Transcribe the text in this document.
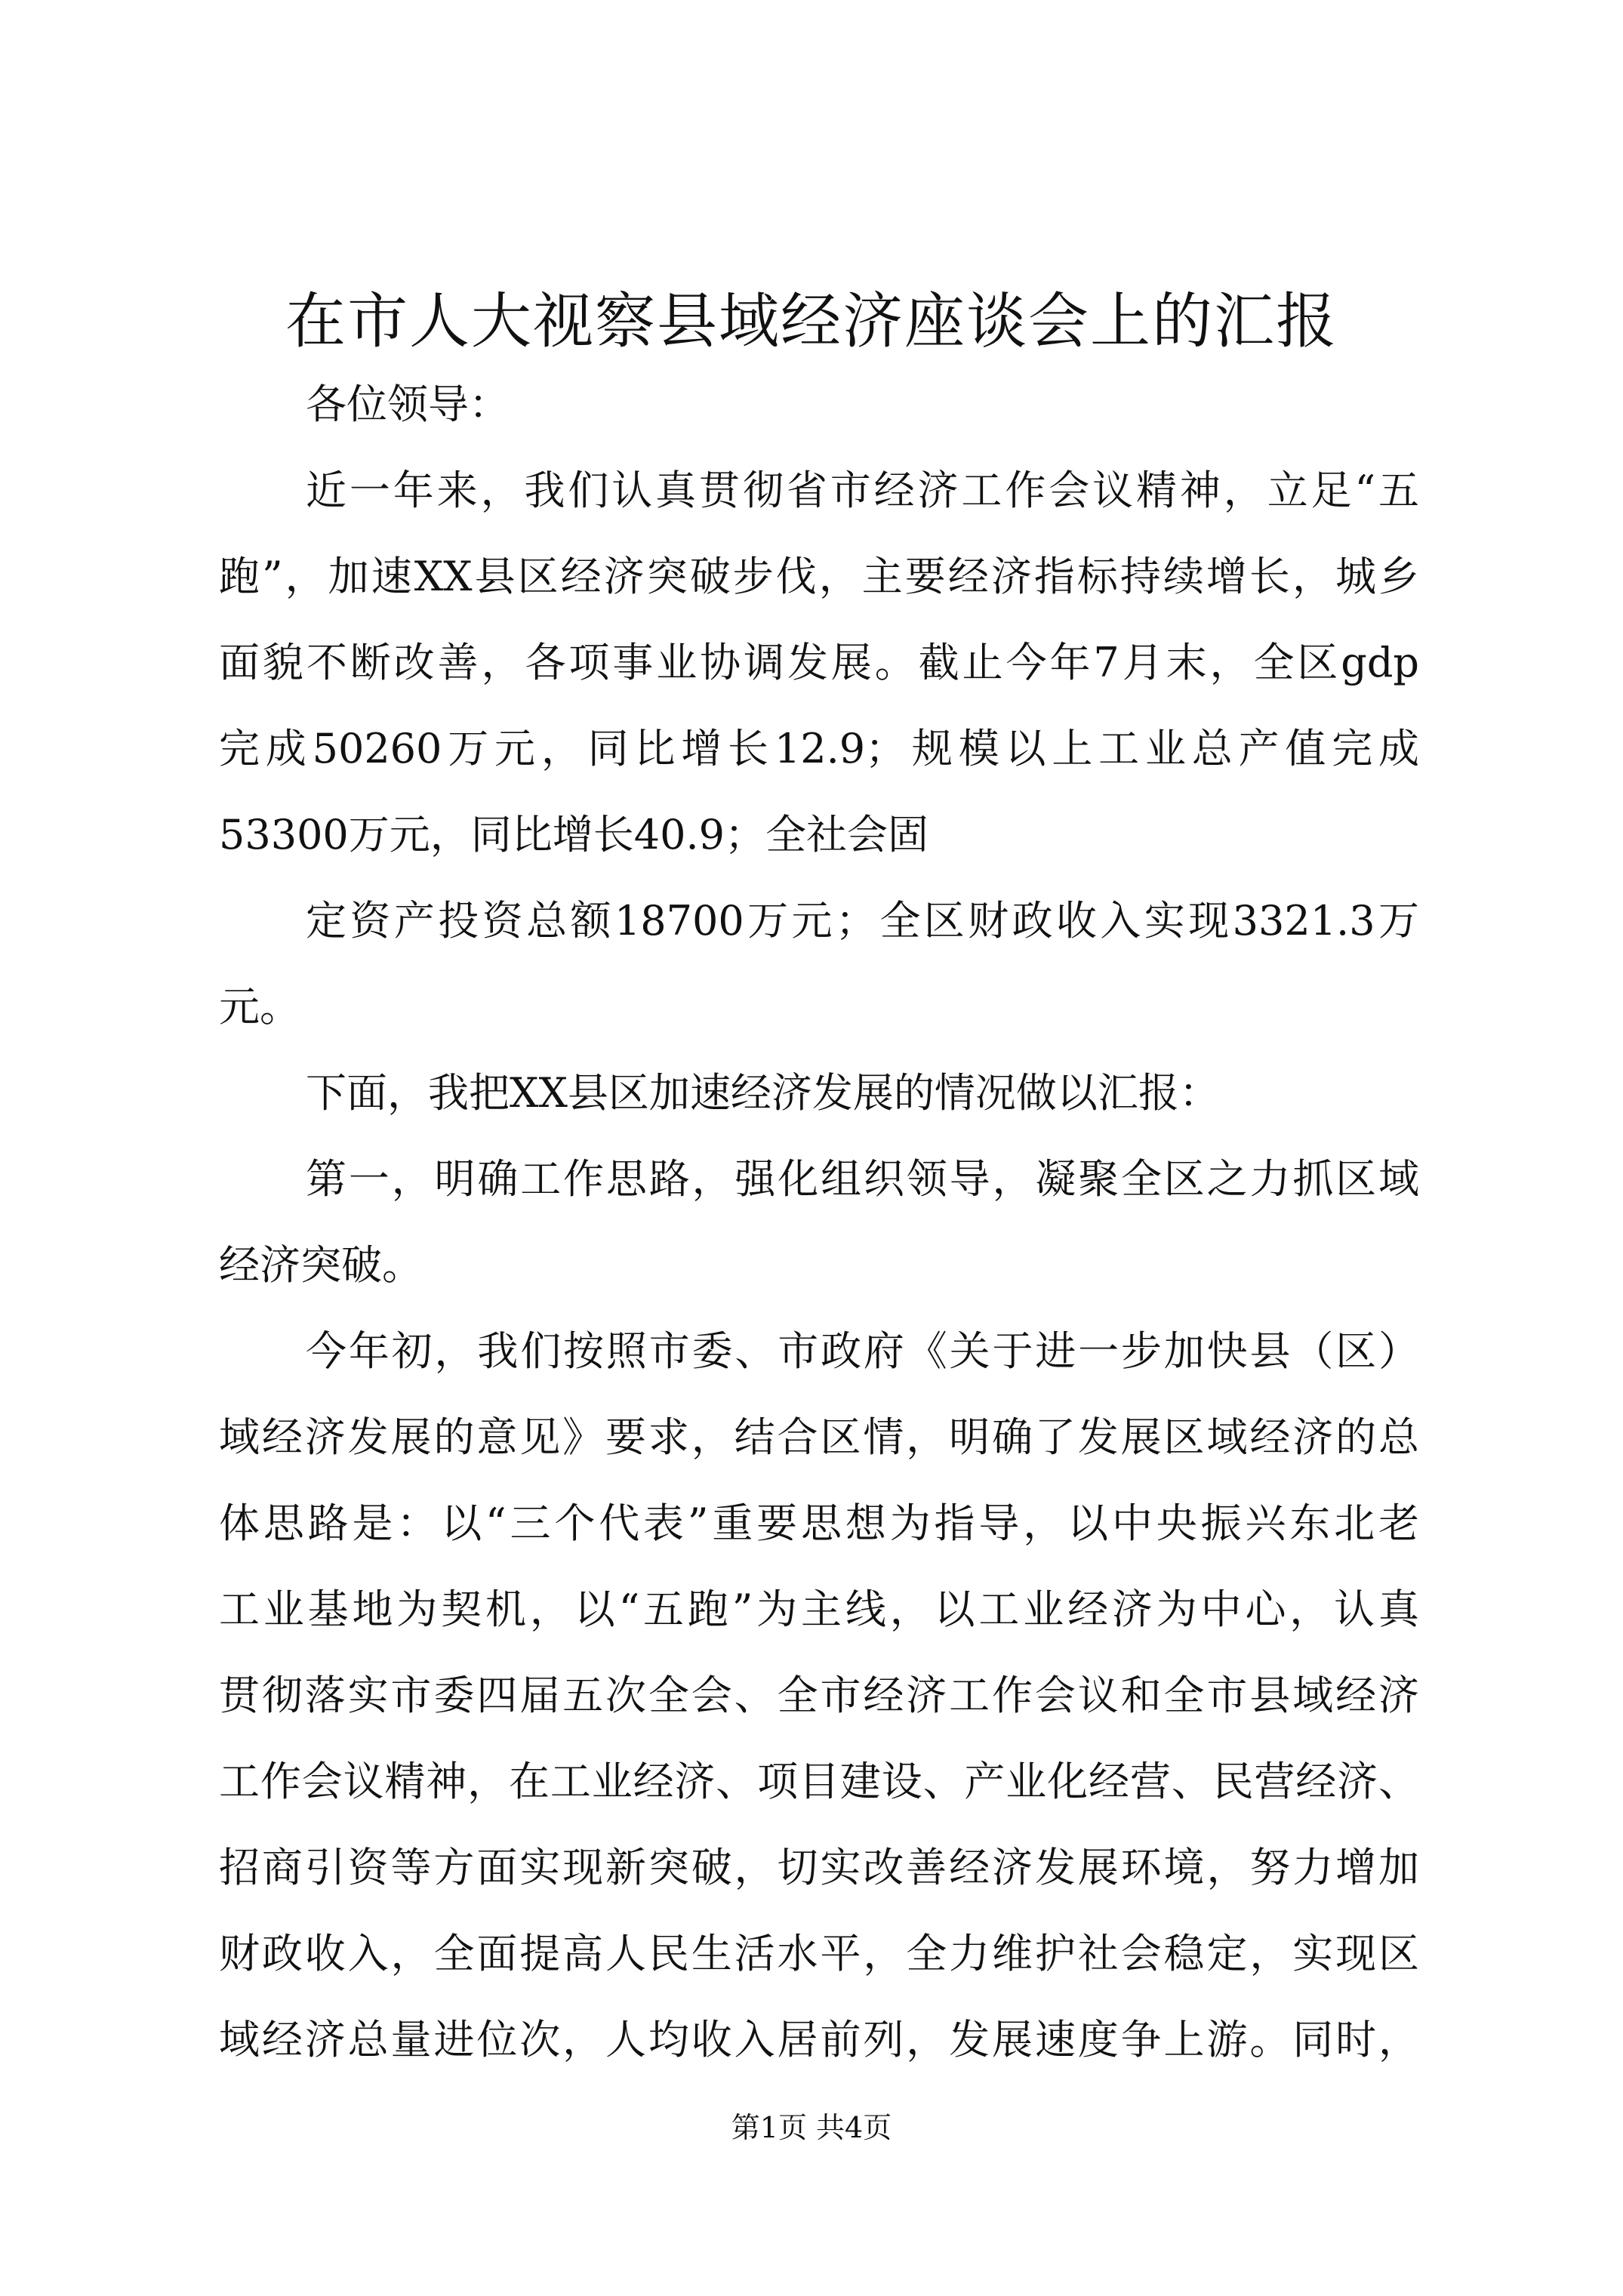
在市人大视察县域经济座谈会上的汇报

各位领导：

近一年来，我们认真贯彻省市经济工作会议精神，立足“五

跑”，加速XX县区经济突破步伐，主要经济指标持续增长，城乡

面貌不断改善，各项事业协调发展。截止今年7月末，全区gdp

完成50260万元，同比增长12.9；规模以上工业总产值完成

53300万元，同比增长40.9；全社会固

定资产投资总额18700万元；全区财政收入实现3321.3万

元。

下面，我把XX县区加速经济发展的情况做以汇报：

第一，明确工作思路，强化组织领导，凝聚全区之力抓区域

经济突破。

今年初，我们按照市委、市政府《关于进一步加快县（区）

域经济发展的意见》要求，结合区情，明确了发展区域经济的总

体思路是：以“三个代表”重要思想为指导，以中央振兴东北老

工业基地为契机，以“五跑”为主线，以工业经济为中心，认真

贯彻落实市委四届五次全会、全市经济工作会议和全市县域经济

工作会议精神，在工业经济、项目建设、产业化经营、民营经济、

招商引资等方面实现新突破，切实改善经济发展环境，努力增加

财政收入，全面提高人民生活水平，全力维护社会稳定，实现区

域经济总量进位次，人均收入居前列，发展速度争上游。同时，

第1页 共4页
